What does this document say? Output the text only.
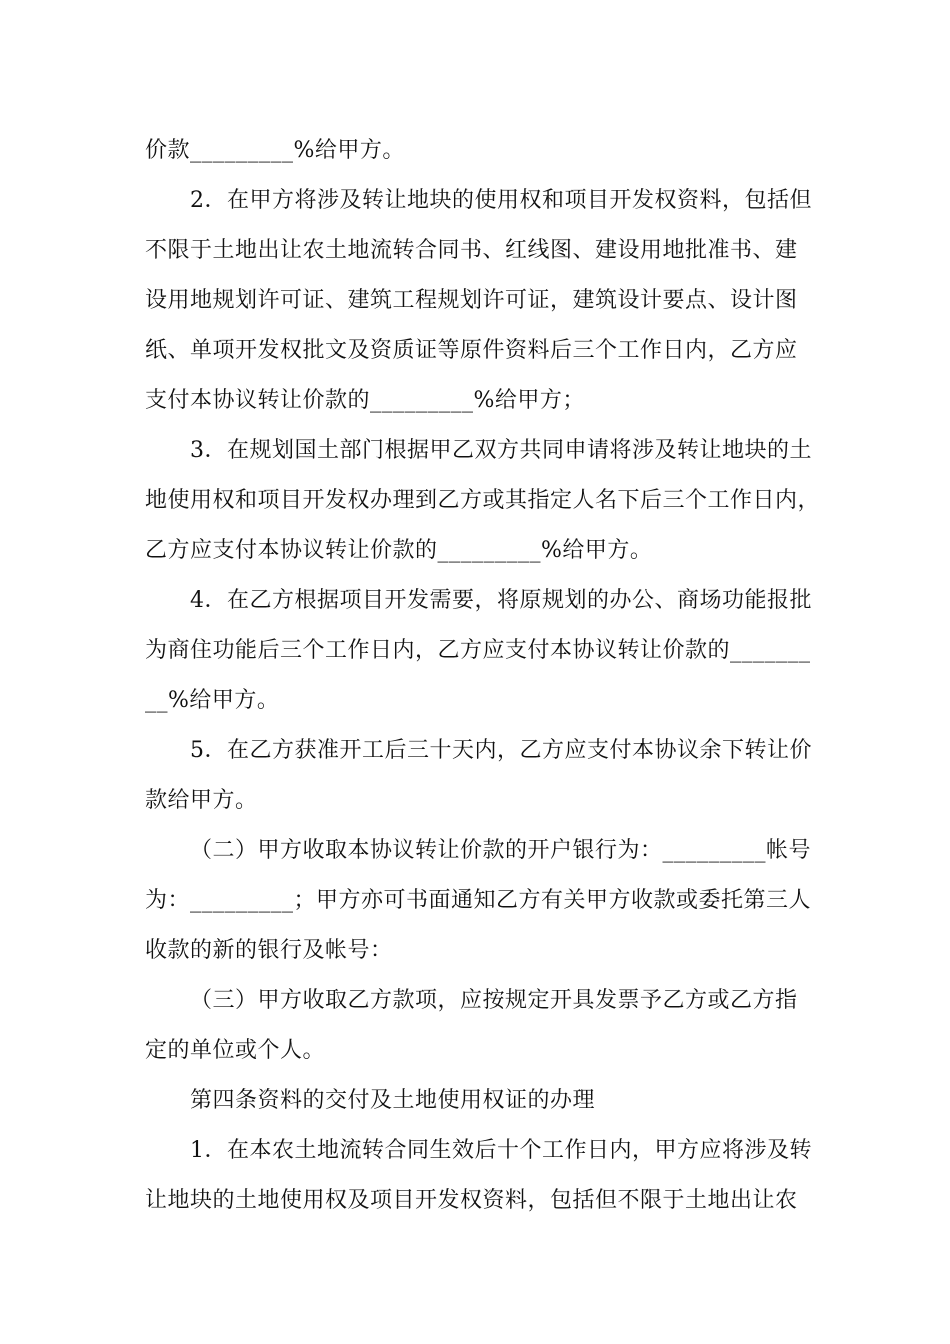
价款_________%给甲方。
2．在甲方将涉及转让地块的使用权和项目开发权资料，包括但
不限于土地出让农土地流转合同书、红线图、建设用地批准书、建
设用地规划许可证、建筑工程规划许可证，建筑设计要点、设计图
纸、单项开发权批文及资质证等原件资料后三个工作日内，乙方应
支付本协议转让价款的_________%给甲方；
3．在规划国土部门根据甲乙双方共同申请将涉及转让地块的土
地使用权和项目开发权办理到乙方或其指定人名下后三个工作日内，
乙方应支付本协议转让价款的_________%给甲方。
4．在乙方根据项目开发需要，将原规划的办公、商场功能报批
为商住功能后三个工作日内，乙方应支付本协议转让价款的_______
__%给甲方。
5．在乙方获准开工后三十天内，乙方应支付本协议余下转让价
款给甲方。
（二）甲方收取本协议转让价款的开户银行为：_________帐号
为：_________；甲方亦可书面通知乙方有关甲方收款或委托第三人
收款的新的银行及帐号：
（三）甲方收取乙方款项，应按规定开具发票予乙方或乙方指
定的单位或个人。
第四条资料的交付及土地使用权证的办理
1．在本农土地流转合同生效后十个工作日内，甲方应将涉及转
让地块的土地使用权及项目开发权资料，包括但不限于土地出让农
